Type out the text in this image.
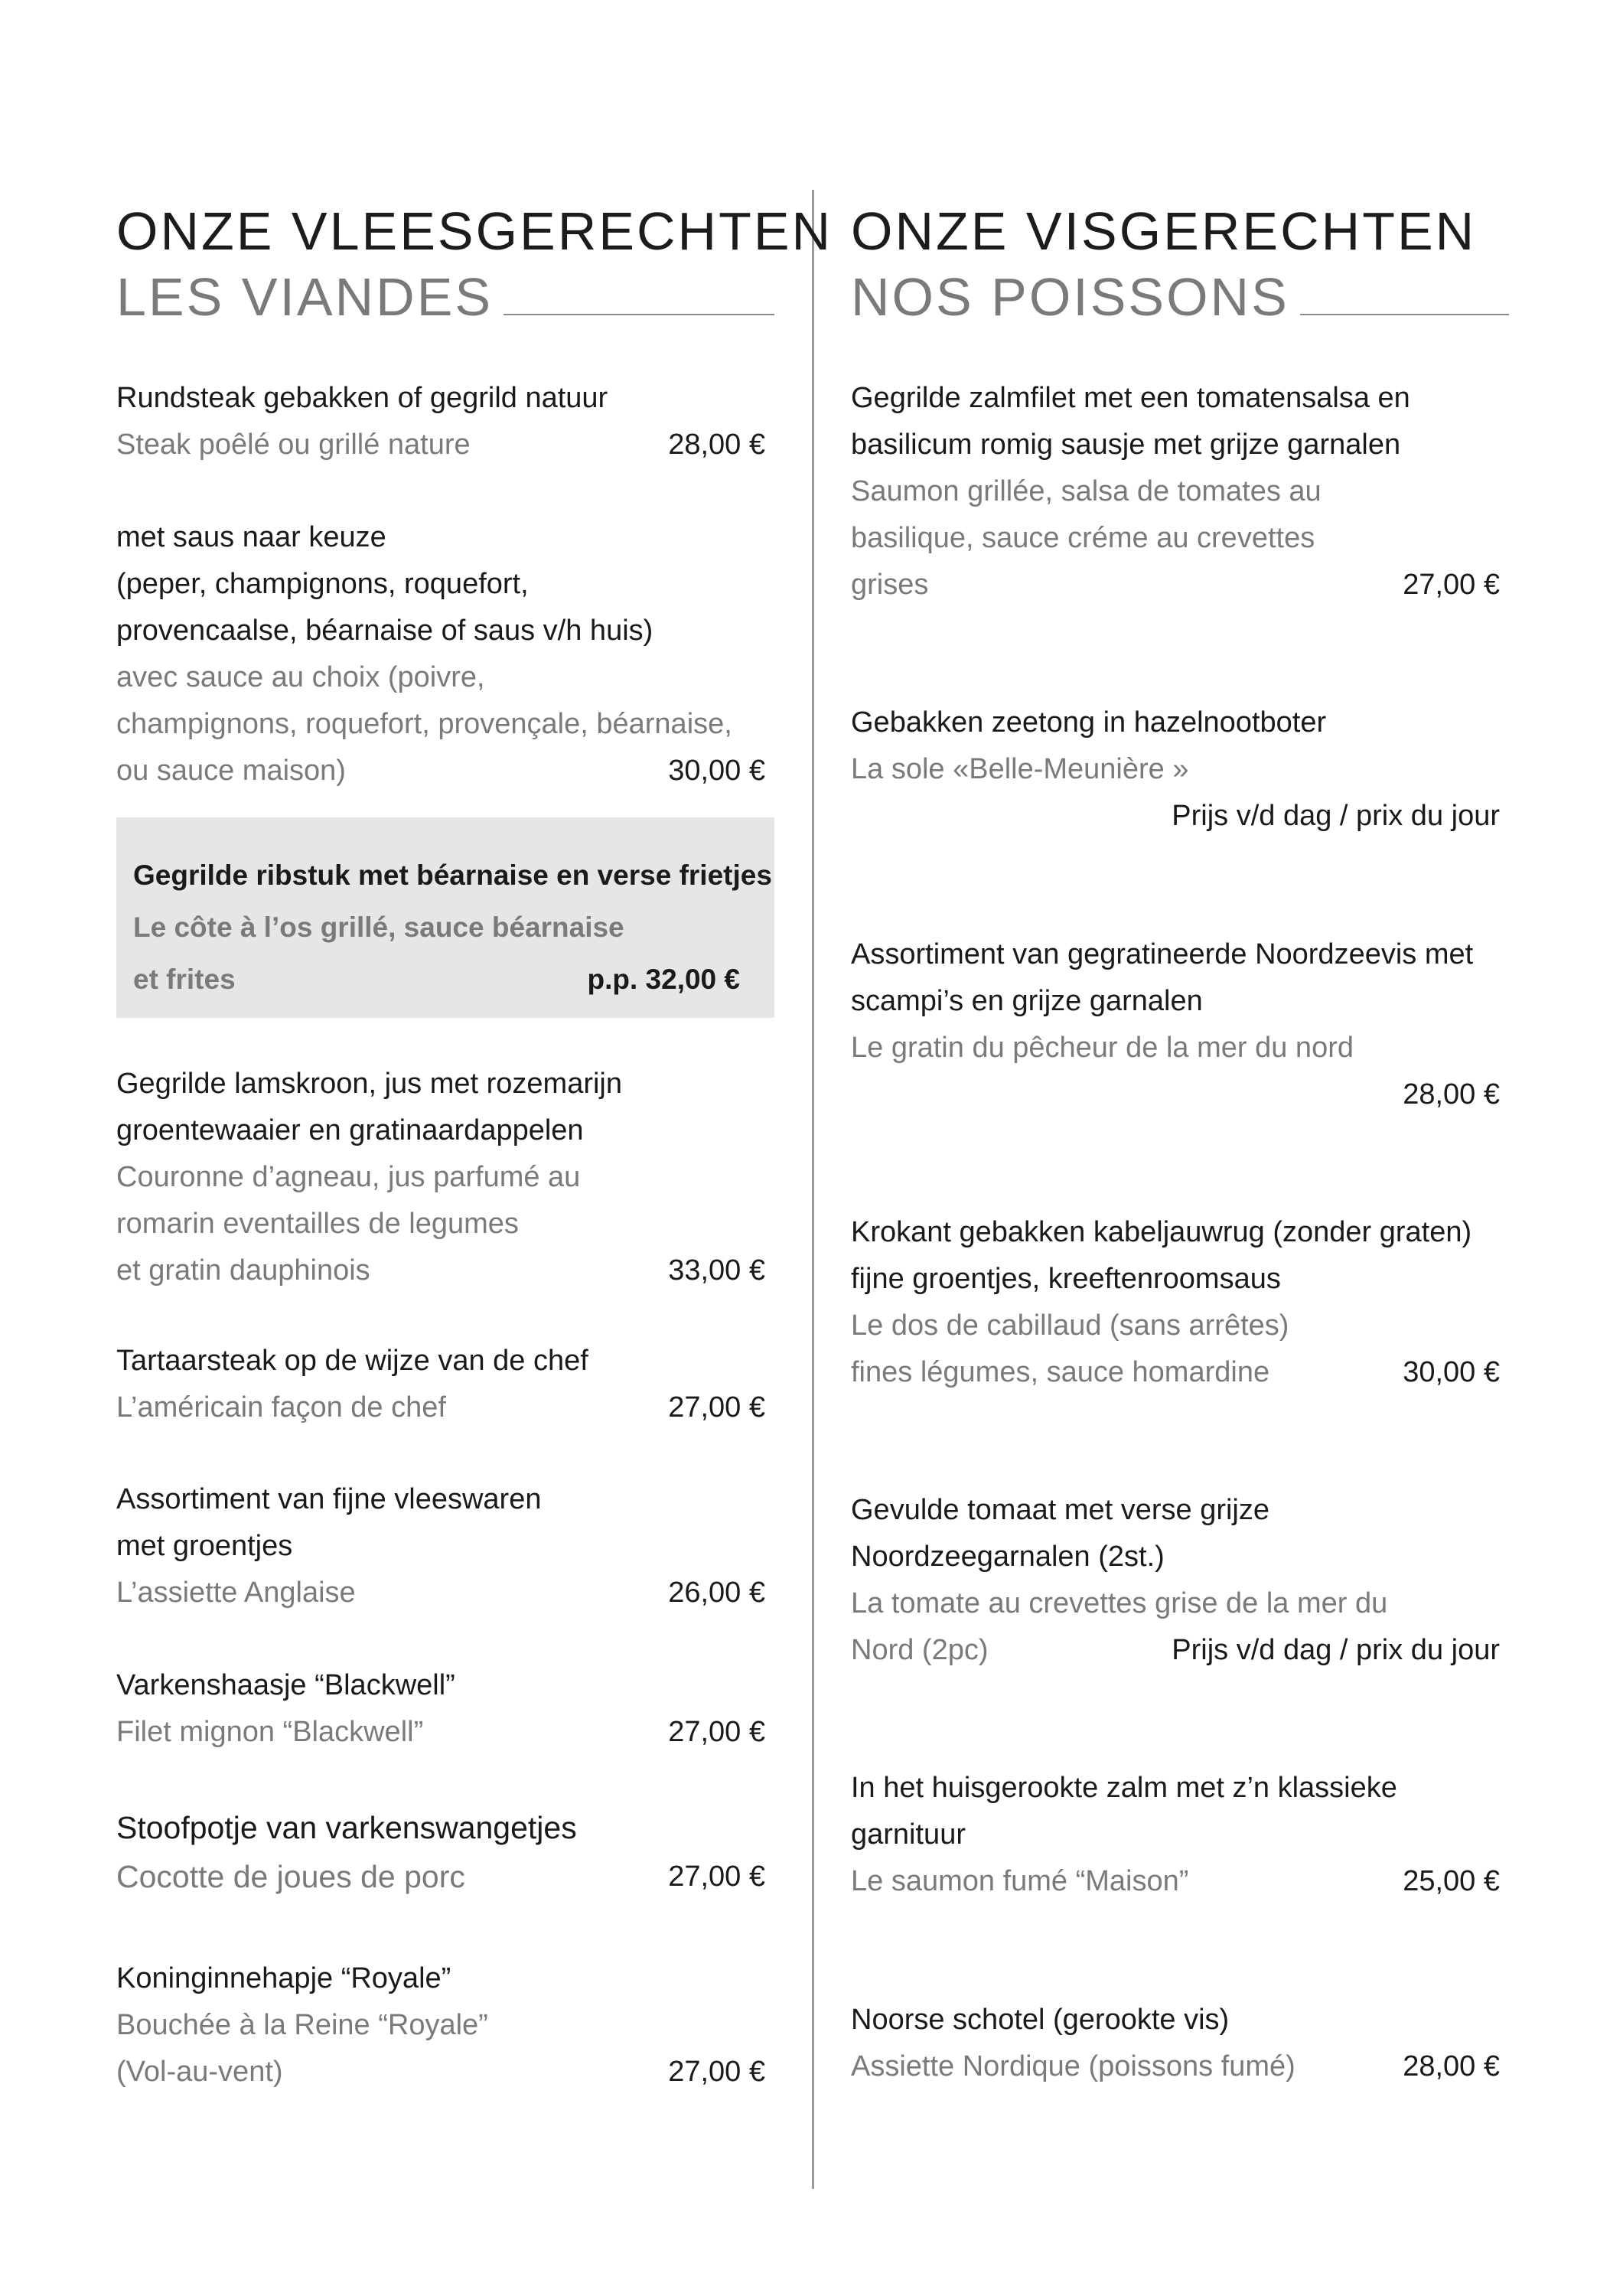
ONZE VLEESGERECHTEN
LES VIANDES
Rundsteak gebakken of gegrild natuur
Steak poêlé ou grillé nature	28,00 €
met saus naar keuze
(peper, champignons, roquefort,
provencaalse, béarnaise of saus v/h huis)
avec sauce au choix (poivre,
champignons, roquefort, provençale, béarnaise,
ou sauce maison)	30,00 €
Gegrilde ribstuk met béarnaise en verse frietjes
Le côte à l’os grillé, sauce béarnaise
et frites	p.p. 32,00 €
Gegrilde lamskroon, jus met rozemarijn
groentewaaier en gratinaardappelen
Couronne d’agneau, jus parfumé au
romarin eventailles de legumes
et gratin dauphinois	33,00 €
Tartaarsteak op de wijze van de chef
L’américain façon de chef	27,00 €
Assortiment van fijne vleeswaren
met groentjes
L’assiette Anglaise	26,00 €
Varkenshaasje “Blackwell”
Filet mignon “Blackwell”	27,00 €
Stoofpotje van varkenswangetjes
Cocotte de joues de porc	27,00 €
Koninginnehapje “Royale”
Bouchée à la Reine “Royale”
(Vol-au-vent)	27,00 €
ONZE VISGERECHTEN
NOS POISSONS
Gegrilde zalmfilet met een tomatensalsa en
basilicum romig sausje met grijze garnalen
Saumon grillée, salsa de tomates au
basilique, sauce créme au crevettes
grises	27,00 €
Gebakken zeetong in hazelnootboter
La sole «Belle-Meunière »
Prijs v/d dag / prix du jour
Assortiment van gegratineerde Noordzeevis met
scampi’s en grijze garnalen
Le gratin du pêcheur de la mer du nord
28,00 €
Krokant gebakken kabeljauwrug (zonder graten)
fijne groentjes, kreeftenroomsaus
Le dos de cabillaud (sans arrêtes)
fines légumes, sauce homardine	30,00 €
Gevulde tomaat met verse grijze
Noordzeegarnalen (2st.)
La tomate au crevettes grise de la mer du
Nord (2pc)	Prijs v/d dag / prix du jour
In het huisgerookte zalm met z’n klassieke
garnituur
Le saumon fumé “Maison”	25,00 €
Noorse schotel (gerookte vis)
Assiette Nordique (poissons fumé)	28,00 €
